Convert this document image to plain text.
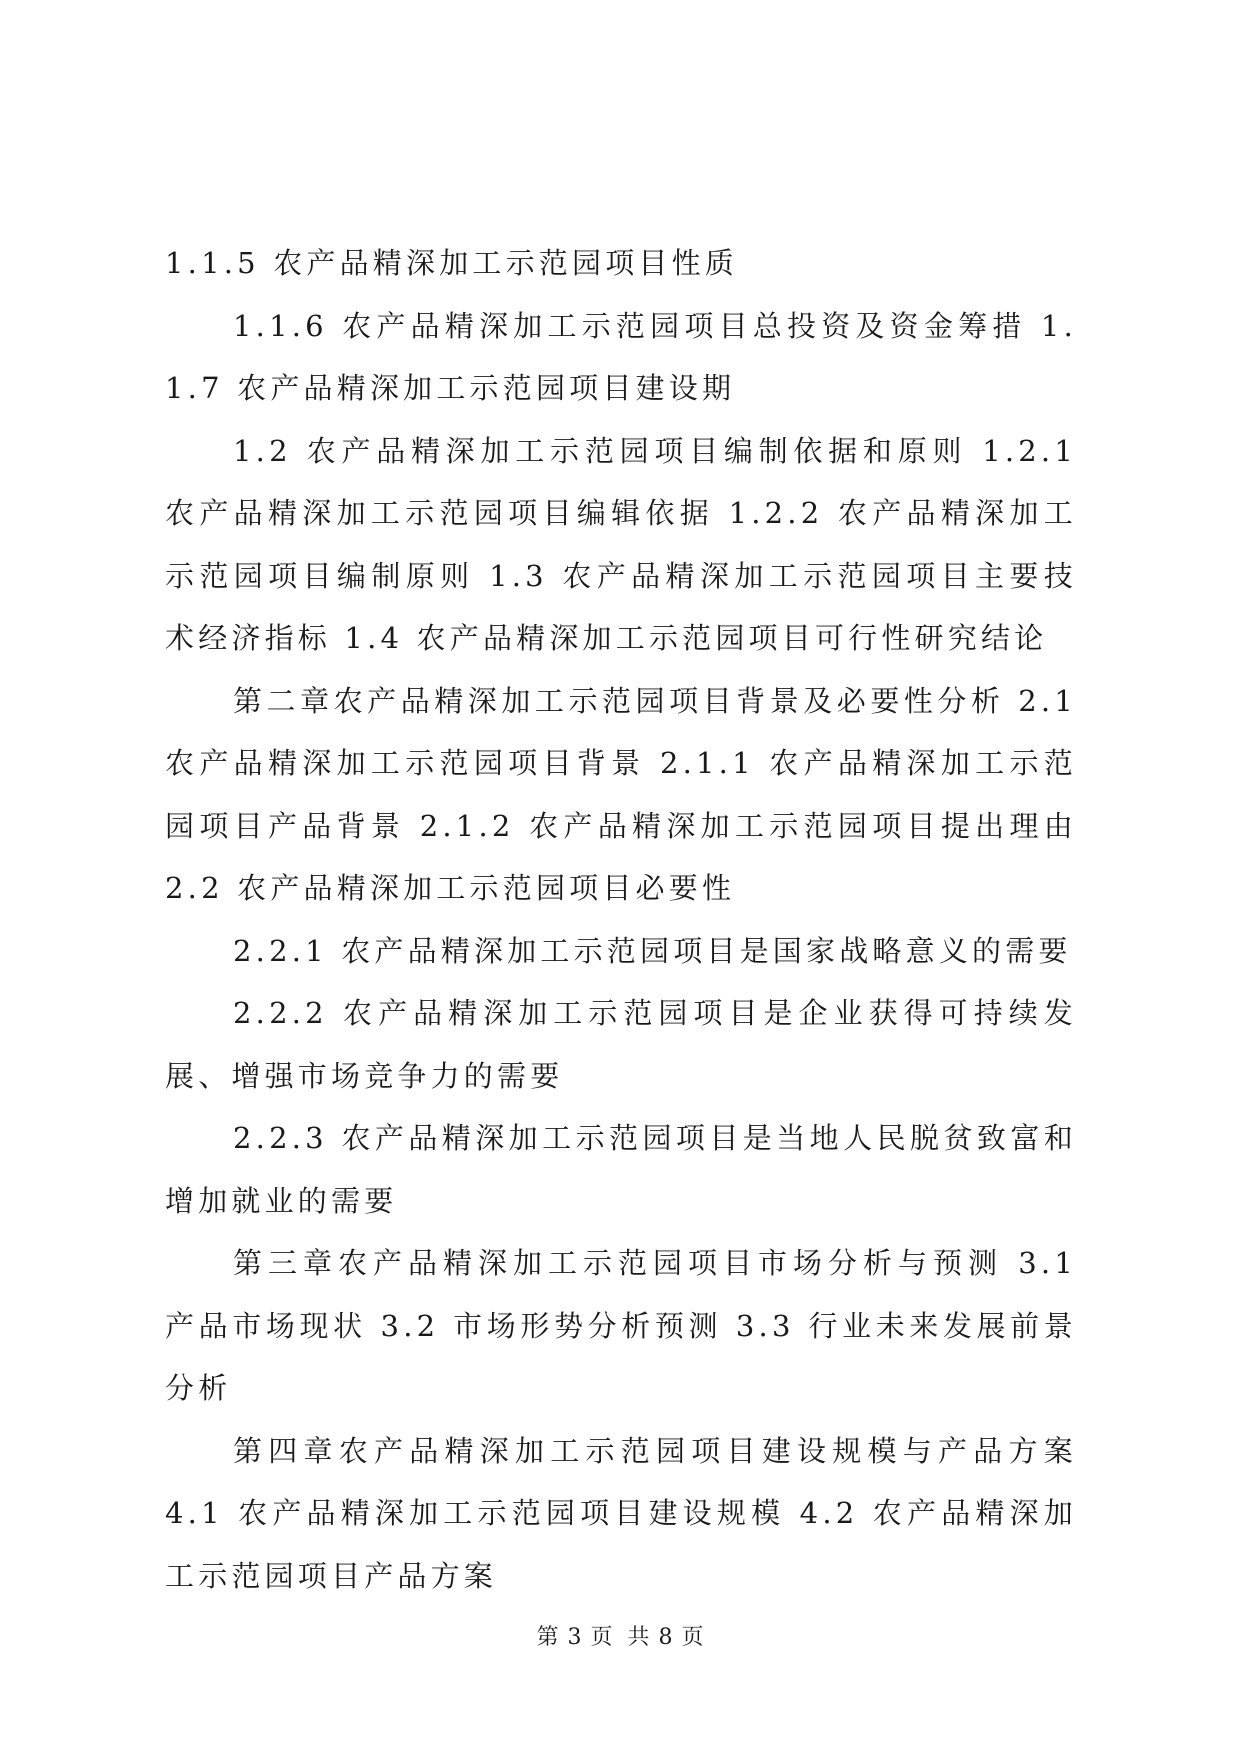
1.1.5 农产品精深加工示范园项目性质

1.1.6 农产品精深加工示范园项目总投资及资金筹措 1.1.7 农产品精深加工示范园项目建设期

1.2 农产品精深加工示范园项目编制依据和原则 1.2.1 农产品精深加工示范园项目编辑依据 1.2.2 农产品精深加工示范园项目编制原则 1.3 农产品精深加工示范园项目主要技术经济指标 1.4 农产品精深加工示范园项目可行性研究结论

第二章农产品精深加工示范园项目背景及必要性分析 2.1 农产品精深加工示范园项目背景 2.1.1 农产品精深加工示范园项目产品背景 2.1.2 农产品精深加工示范园项目提出理由 2.2 农产品精深加工示范园项目必要性

2.2.1 农产品精深加工示范园项目是国家战略意义的需要

2.2.2 农产品精深加工示范园项目是企业获得可持续发展、增强市场竞争力的需要

2.2.3 农产品精深加工示范园项目是当地人民脱贫致富和增加就业的需要

第三章农产品精深加工示范园项目市场分析与预测 3.1 产品市场现状 3.2 市场形势分析预测 3.3 行业未来发展前景分析

第四章农产品精深加工示范园项目建设规模与产品方案 4.1 农产品精深加工示范园项目建设规模 4.2 农产品精深加工示范园项目产品方案

第 3 页 共 8 页
